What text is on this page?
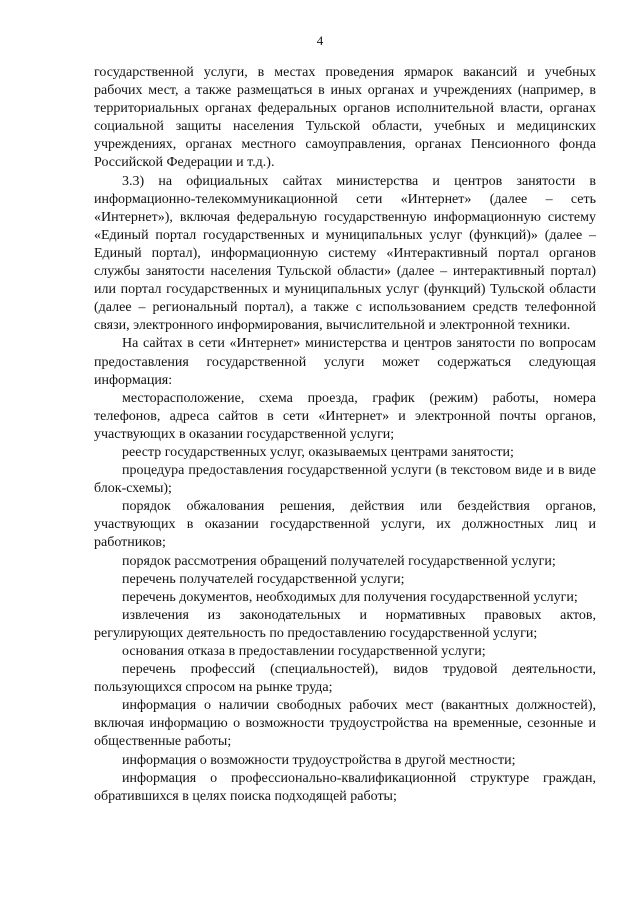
4

государственной услуги, в местах проведения ярмарок вакансий и учебных рабочих мест, а также размещаться в иных органах и учреждениях (например, в территориальных органах федеральных органов исполнительной власти, органах социальной защиты населения Тульской области, учебных и медицинских учреждениях, органах местного самоуправления, органах Пенсионного фонда Российской Федерации и т.д.).

3.3) на официальных сайтах министерства и центров занятости в информационно-телекоммуникационной сети «Интернет» (далее – сеть «Интернет»), включая федеральную государственную информационную систему «Единый портал государственных и муниципальных услуг (функций)» (далее – Единый портал), информационную систему «Интерактивный портал органов службы занятости населения Тульской области» (далее – интерактивный портал) или портал государственных и муниципальных услуг (функций) Тульской области (далее – региональный портал), а также с использованием средств телефонной связи, электронного информирования, вычислительной и электронной техники.

На сайтах в сети «Интернет» министерства и центров занятости по вопросам предоставления государственной услуги может содержаться следующая информация:

месторасположение, схема проезда, график (режим) работы, номера телефонов, адреса сайтов в сети «Интернет» и электронной почты органов, участвующих в оказании государственной услуги;

реестр государственных услуг, оказываемых центрами занятости;

процедура предоставления государственной услуги (в текстовом виде и в виде блок-схемы);

порядок обжалования решения, действия или бездействия органов, участвующих в оказании государственной услуги, их должностных лиц и работников;

порядок рассмотрения обращений получателей государственной услуги;

перечень получателей государственной услуги;

перечень документов, необходимых для получения государственной услуги;

извлечения из законодательных и нормативных правовых актов, регулирующих деятельность по предоставлению государственной услуги;

основания отказа в предоставлении государственной услуги;

перечень профессий (специальностей), видов трудовой деятельности, пользующихся спросом на рынке труда;

информация о наличии свободных рабочих мест (вакантных должностей), включая информацию о возможности трудоустройства на временные, сезонные и общественные работы;

информация о возможности трудоустройства в другой местности;

информация о профессионально-квалификационной структуре граждан, обратившихся в целях поиска подходящей работы;
